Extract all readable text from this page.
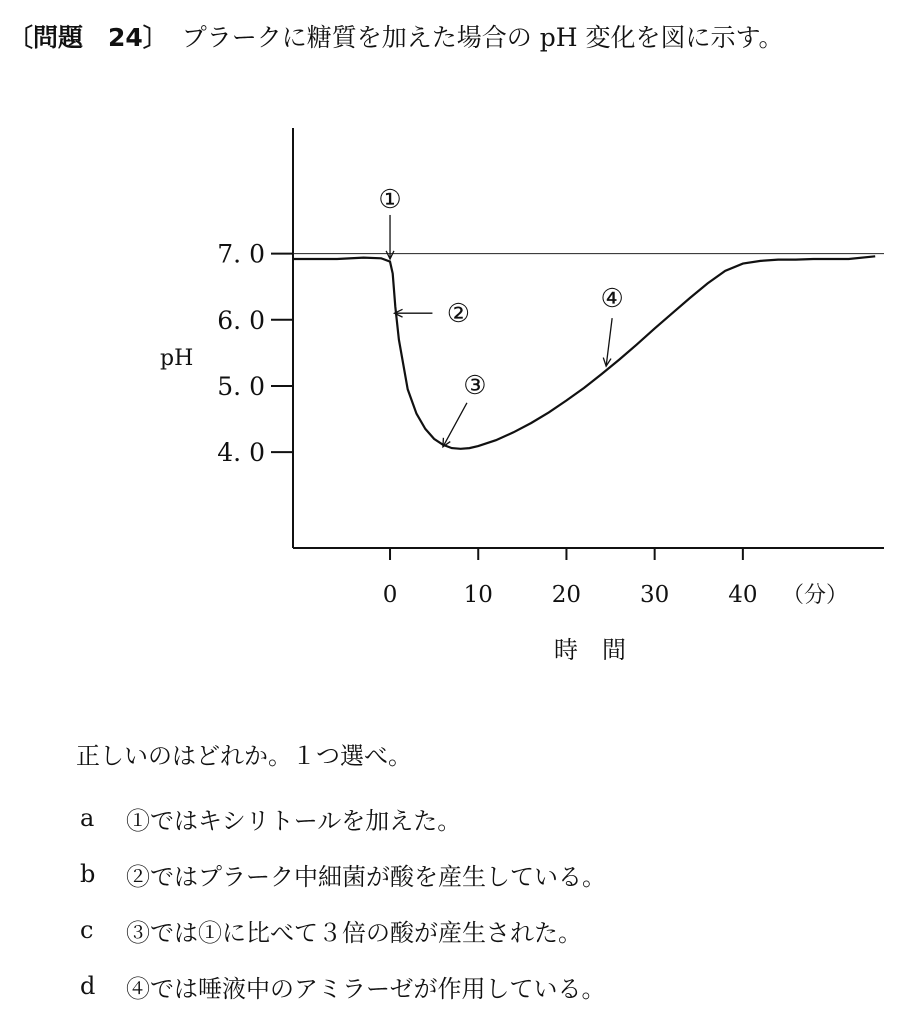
〔問題　24〕 プラークに糖質を加えた場合の pH 変化を図に示す。
7. 0
6. 0
5. 0
4. 0
0	10	20	30	40
①
②
③
④
pH
時　間
（分）
正しいのはどれか。１つ選べ。
a	①ではキシリトールを加えた。
b	②ではプラーク中細菌が酸を産生している。
c	③では①に比べて３倍の酸が産生された。
d	④では唾液中のアミラーゼが作用している。
